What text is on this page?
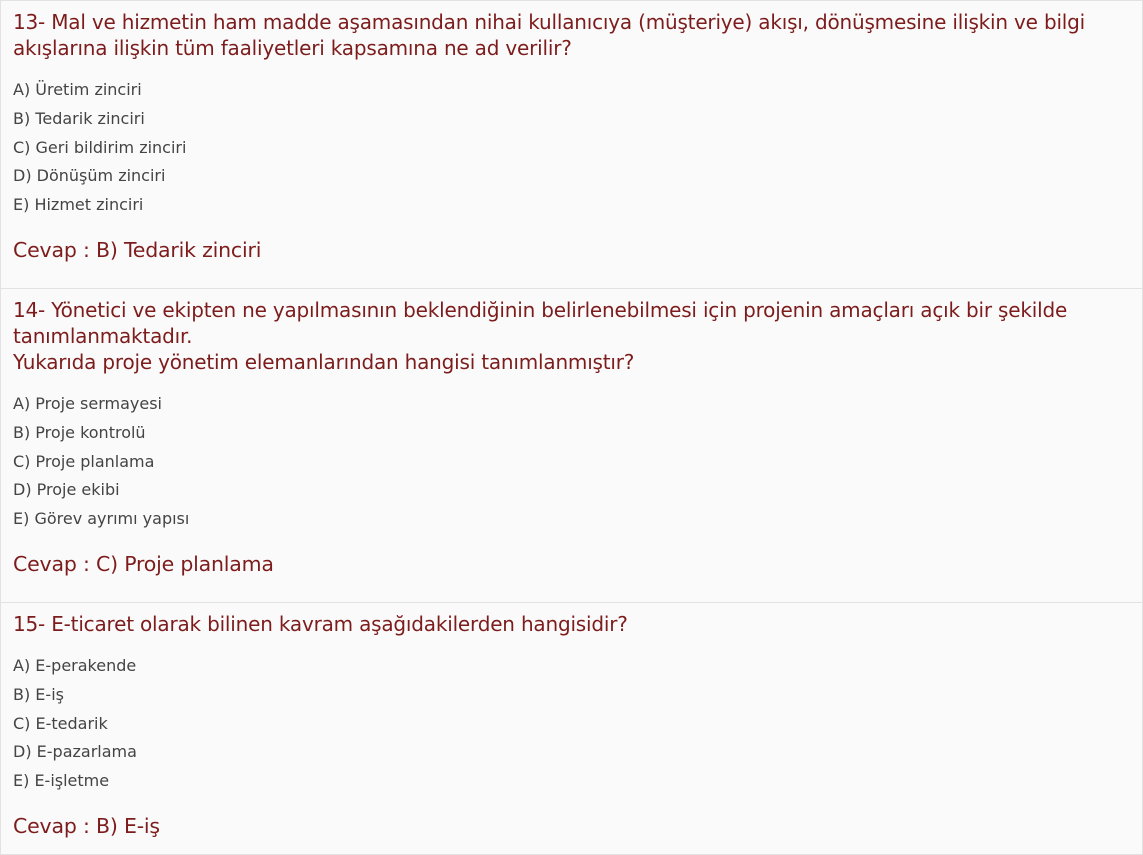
13- Mal ve hizmetin ham madde aşamasından nihai kullanıcıya (müşteriye) akışı, dönüşmesine ilişkin ve bilgi
akışlarına ilişkin tüm faaliyetleri kapsamına ne ad verilir?
A) Üretim zinciri
B) Tedarik zinciri
C) Geri bildirim zinciri
D) Dönüşüm zinciri
E) Hizmet zinciri
Cevap : B) Tedarik zinciri
14- Yönetici ve ekipten ne yapılmasının beklendiğinin belirlenebilmesi için projenin amaçları açık bir şekilde
tanımlanmaktadır.
Yukarıda proje yönetim elemanlarından hangisi tanımlanmıştır?
A) Proje sermayesi
B) Proje kontrolü
C) Proje planlama
D) Proje ekibi
E) Görev ayrımı yapısı
Cevap : C) Proje planlama
15- E-ticaret olarak bilinen kavram aşağıdakilerden hangisidir?
A) E-perakende
B) E-iş
C) E-tedarik
D) E-pazarlama
E) E-işletme
Cevap : B) E-iş
